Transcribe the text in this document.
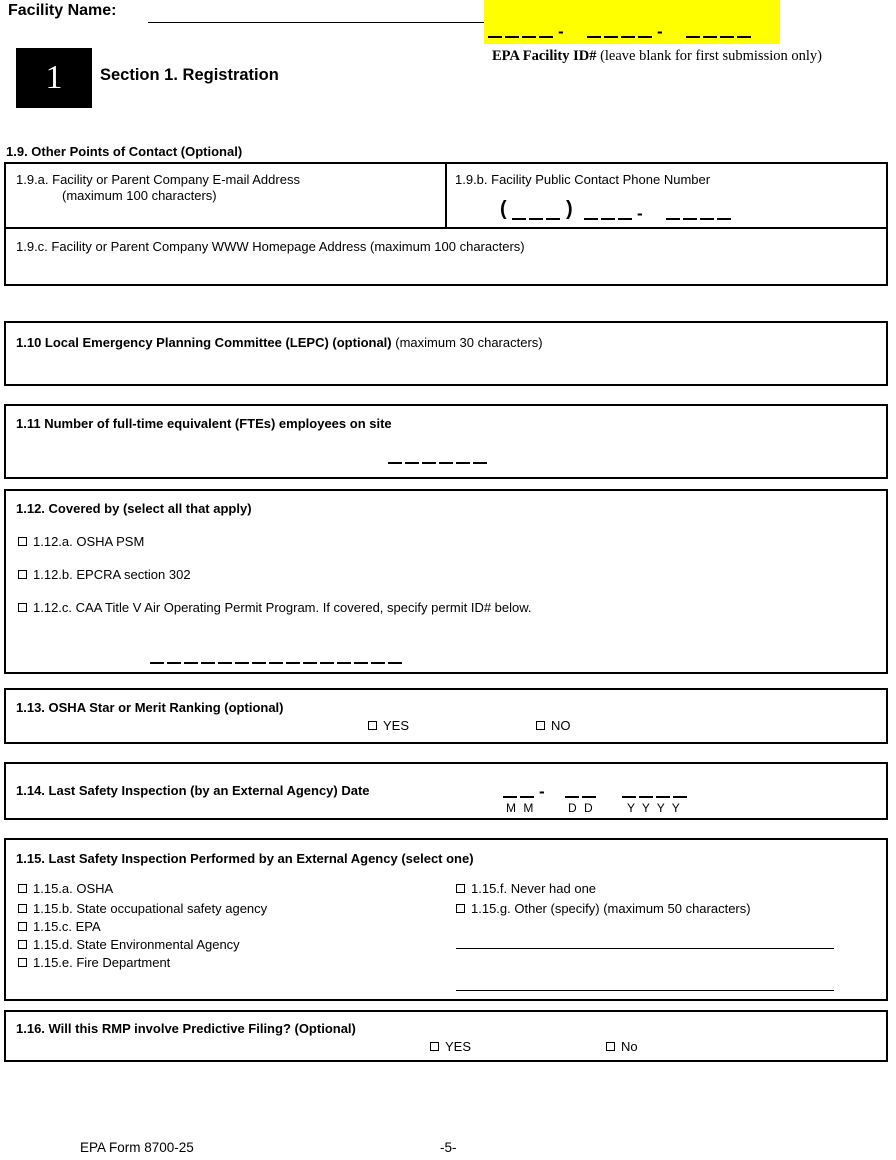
Facility Name:
-	-
EPA Facility ID# (leave blank for first submission only)
1	Section 1. Registration
1.9. Other Points of Contact (Optional)
1.9.a. Facility or Parent Company E-mail Address
(maximum 100 characters)
1.9.b. Facility Public Contact Phone Number
(	)	-
1.9.c. Facility or Parent Company WWW Homepage Address (maximum 100 characters)
1.10 Local Emergency Planning Committee (LEPC) (optional) (maximum 30 characters)
1.11 Number of full-time equivalent (FTEs) employees on site
1.12. Covered by (select all that apply)
1.12.a. OSHA PSM
1.12.b. EPCRA section 302
1.12.c. CAA Title V Air Operating Permit Program. If covered, specify permit ID# below.
1.13. OSHA Star or Merit Ranking (optional)
YES	NO
1.14. Last Safety Inspection (by an External Agency) Date	-
M M	D D	Y Y Y Y
1.15. Last Safety Inspection Performed by an External Agency (select one)
1.15.a. OSHA
1.15.b. State occupational safety agency
1.15.c. EPA
1.15.d. State Environmental Agency
1.15.e. Fire Department
1.15.f. Never had one
1.15.g. Other (specify) (maximum 50 characters)
1.16. Will this RMP involve Predictive Filing? (Optional)
YES	No
EPA Form 8700-25	-5-
